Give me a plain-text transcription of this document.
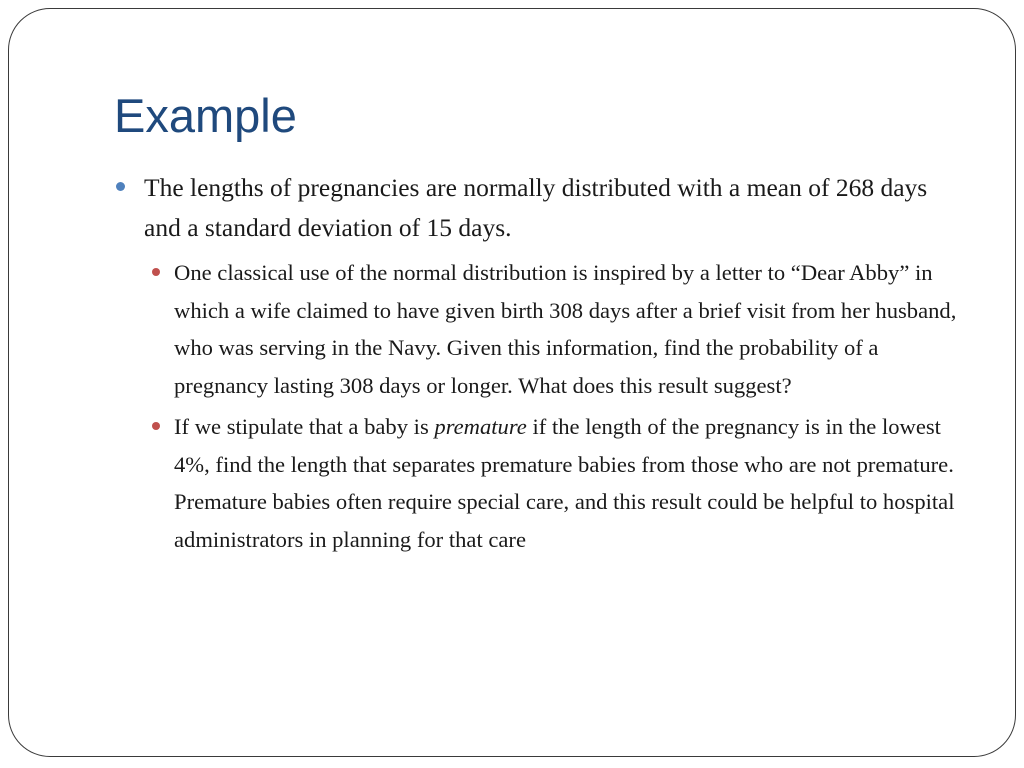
Example
The lengths of pregnancies are normally distributed with a mean of 268 days and a standard deviation of 15 days.
One classical use of the normal distribution is inspired by a letter to “Dear Abby” in which a wife claimed to have given birth 308 days after a brief visit from her husband, who was serving in the Navy. Given this information, find the probability of a pregnancy lasting 308 days or longer. What does this result suggest?
If we stipulate that a baby is premature if the length of the pregnancy is in the lowest 4%, find the length that separates premature babies from those who are not premature. Premature babies often require special care, and this result could be helpful to hospital administrators in planning for that care
